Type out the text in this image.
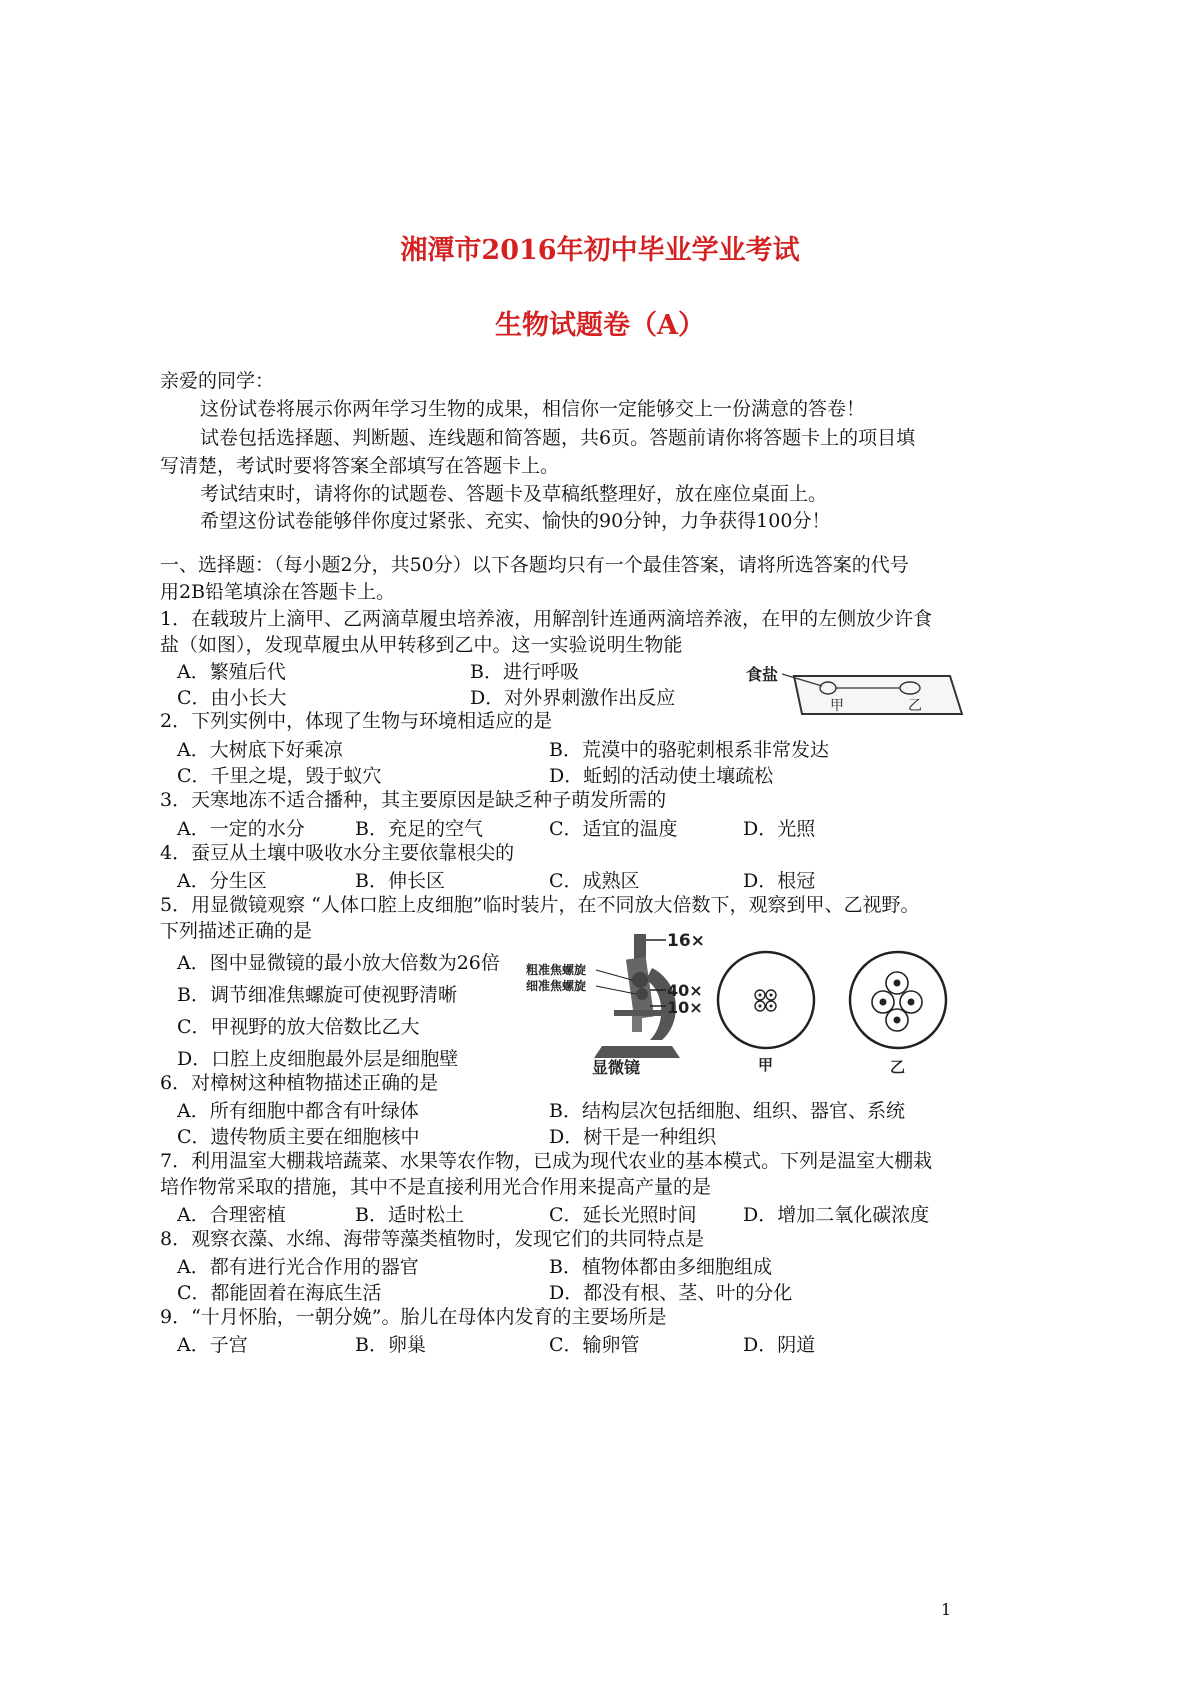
湘潭市2016年初中毕业学业考试
生物试题卷（A）
亲爱的同学：
这份试卷将展示你两年学习生物的成果，相信你一定能够交上一份满意的答卷！
试卷包括选择题、判断题、连线题和简答题，共6页。答题前请你将答题卡上的项目填
写清楚，考试时要将答案全部填写在答题卡上。
考试结束时，请将你的试题卷、答题卡及草稿纸整理好，放在座位桌面上。
希望这份试卷能够伴你度过紧张、充实、愉快的90分钟，力争获得100分！
一、选择题：（每小题2分，共50分）以下各题均只有一个最佳答案，请将所选答案的代号
用2B铅笔填涂在答题卡上。
1．在载玻片上滴甲、乙两滴草履虫培养液，用解剖针连通两滴培养液，在甲的左侧放少许食
盐（如图），发现草履虫从甲转移到乙中。这一实验说明生物能
A．繁殖后代	B．进行呼吸
C．由小长大	D．对外界刺激作出反应
食盐
甲	乙
2．下列实例中，体现了生物与环境相适应的是
A．大树底下好乘凉	B．荒漠中的骆驼刺根系非常发达
C．千里之堤，毁于蚁穴	D．蚯蚓的活动使土壤疏松
3．天寒地冻不适合播种，其主要原因是缺乏种子萌发所需的
A．一定的水分	B．充足的空气	C．适宜的温度	D．光照
4．蚕豆从土壤中吸收水分主要依靠根尖的
A．分生区	B．伸长区	C．成熟区	D．根冠
5．用显微镜观察 “人体口腔上皮细胞”临时装片，在不同放大倍数下，观察到甲、乙视野。
下列描述正确的是
A．图中显微镜的最小放大倍数为26倍
B．调节细准焦螺旋可使视野清晰
C．甲视野的放大倍数比乙大
D．口腔上皮细胞最外层是细胞壁
16×
40×
10×
粗准焦螺旋
细准焦螺旋
显微镜	甲	乙
6．对樟树这种植物描述正确的是
A．所有细胞中都含有叶绿体	B．结构层次包括细胞、组织、器官、系统
C．遗传物质主要在细胞核中	D．树干是一种组织
7．利用温室大棚栽培蔬菜、水果等农作物，已成为现代农业的基本模式。下列是温室大棚栽
培作物常采取的措施，其中不是直接利用光合作用来提高产量的是
A．合理密植	B．适时松土	C．延长光照时间 D．增加二氧化碳浓度
8．观察衣藻、水绵、海带等藻类植物时，发现它们的共同特点是
A．都有进行光合作用的器官	B．植物体都由多细胞组成
C．都能固着在海底生活	D．都没有根、茎、叶的分化
9．“十月怀胎，一朝分娩”。胎儿在母体内发育的主要场所是
A．子宫	B．卵巢	C．输卵管	D．阴道
1
